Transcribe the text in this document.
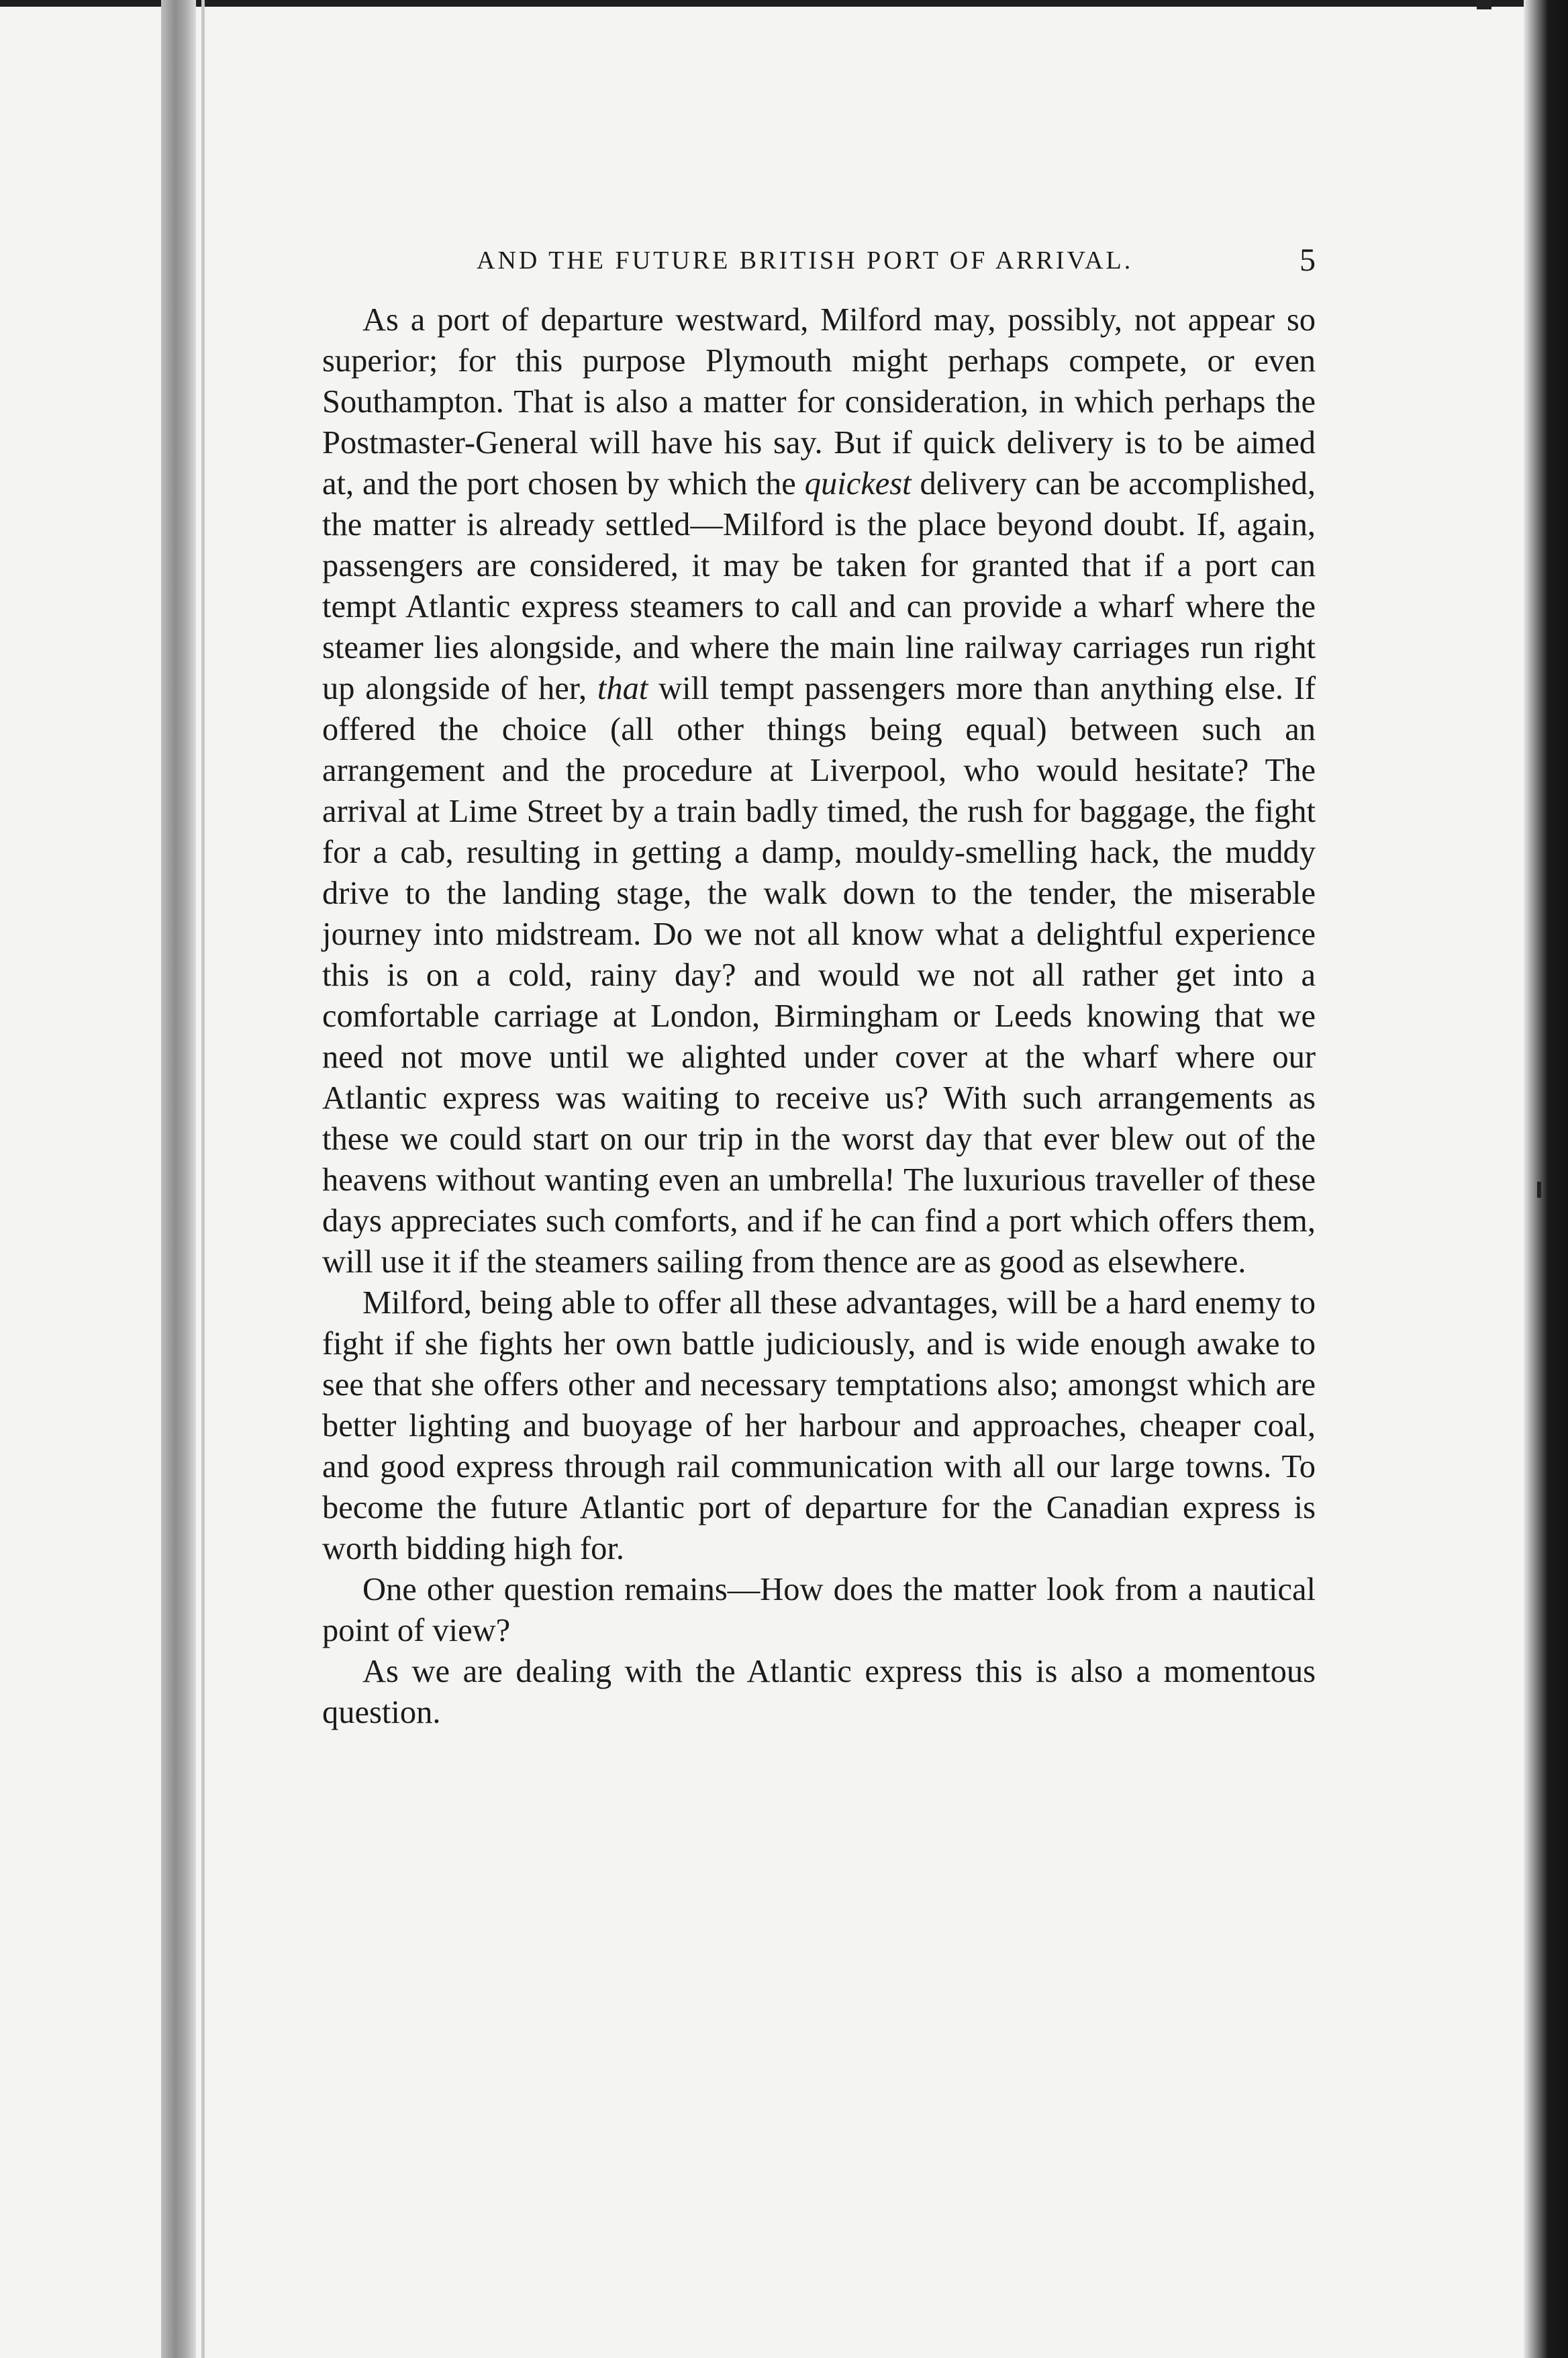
AND THE FUTURE BRITISH PORT OF ARRIVAL.	5

As a port of departure westward, Milford may, possibly, not appear so superior; for this purpose Plymouth might perhaps compete, or even Southampton. That is also a matter for consideration, in which perhaps the Postmaster-General will have his say. But if quick delivery is to be aimed at, and the port chosen by which the quickest delivery can be accomplished, the matter is already settled—Milford is the place beyond doubt. If, again, passengers are considered, it may be taken for granted that if a port can tempt Atlantic express steamers to call and can provide a wharf where the steamer lies alongside, and where the main line railway carriages run right up alongside of her, that will tempt passengers more than anything else. If offered the choice (all other things being equal) between such an arrangement and the procedure at Liverpool, who would hesitate? The arrival at Lime Street by a train badly timed, the rush for baggage, the fight for a cab, resulting in getting a damp, mouldy-smelling hack, the muddy drive to the landing stage, the walk down to the tender, the miserable journey into midstream. Do we not all know what a delightful experience this is on a cold, rainy day? and would we not all rather get into a comfortable carriage at London, Birmingham or Leeds knowing that we need not move until we alighted under cover at the wharf where our Atlantic express was waiting to receive us? With such arrangements as these we could start on our trip in the worst day that ever blew out of the heavens without wanting even an umbrella! The luxurious traveller of these days appreciates such comforts, and if he can find a port which offers them, will use it if the steamers sailing from thence are as good as elsewhere.

Milford, being able to offer all these advantages, will be a hard enemy to fight if she fights her own battle judiciously, and is wide enough awake to see that she offers other and necessary temptations also; amongst which are better lighting and buoyage of her harbour and approaches, cheaper coal, and good express through rail communication with all our large towns. To become the future Atlantic port of departure for the Canadian express is worth bidding high for.

One other question remains—How does the matter look from a nautical point of view?

As we are dealing with the Atlantic express this is also a momentous question.
